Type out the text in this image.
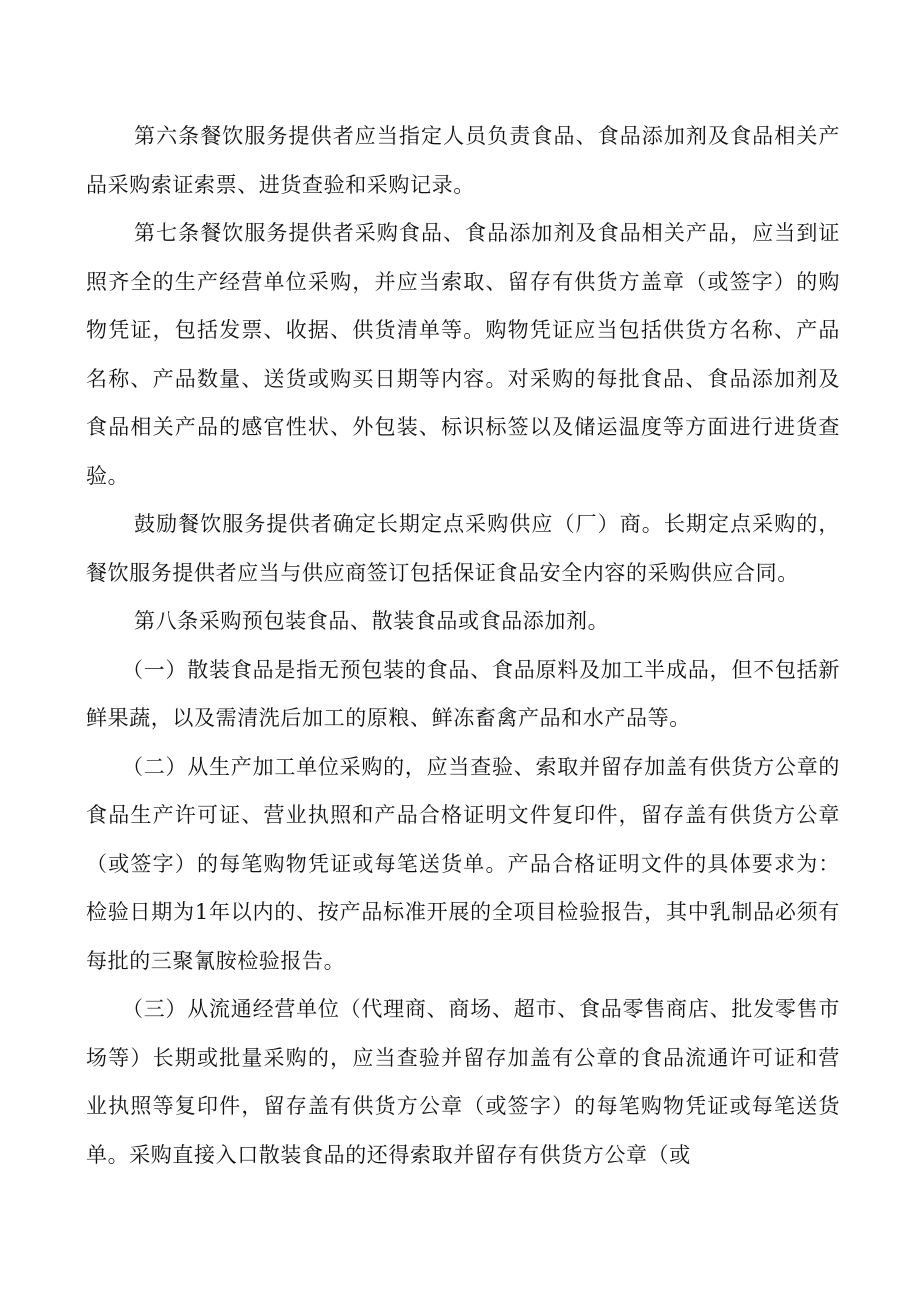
第六条餐饮服务提供者应当指定人员负责食品、食品添加剂及食品相关产品采购索证索票、进货查验和采购记录。

第七条餐饮服务提供者采购食品、食品添加剂及食品相关产品，应当到证照齐全的生产经营单位采购，并应当索取、留存有供货方盖章（或签字）的购物凭证，包括发票、收据、供货清单等。购物凭证应当包括供货方名称、产品名称、产品数量、送货或购买日期等内容。对采购的每批食品、食品添加剂及食品相关产品的感官性状、外包装、标识标签以及储运温度等方面进行进货查验。

鼓励餐饮服务提供者确定长期定点采购供应（厂）商。长期定点采购的，餐饮服务提供者应当与供应商签订包括保证食品安全内容的采购供应合同。

第八条采购预包装食品、散装食品或食品添加剂。

（一）散装食品是指无预包装的食品、食品原料及加工半成品，但不包括新鲜果蔬，以及需清洗后加工的原粮、鲜冻畜禽产品和水产品等。

（二）从生产加工单位采购的，应当查验、索取并留存加盖有供货方公章的食品生产许可证、营业执照和产品合格证明文件复印件，留存盖有供货方公章（或签字）的每笔购物凭证或每笔送货单。产品合格证明文件的具体要求为：检验日期为1年以内的、按产品标准开展的全项目检验报告，其中乳制品必须有每批的三聚氰胺检验报告。

（三）从流通经营单位（代理商、商场、超市、食品零售商店、批发零售市场等）长期或批量采购的，应当查验并留存加盖有公章的食品流通许可证和营业执照等复印件，留存盖有供货方公章（或签字）的每笔购物凭证或每笔送货单。采购直接入口散装食品的还得索取并留存有供货方公章（或
